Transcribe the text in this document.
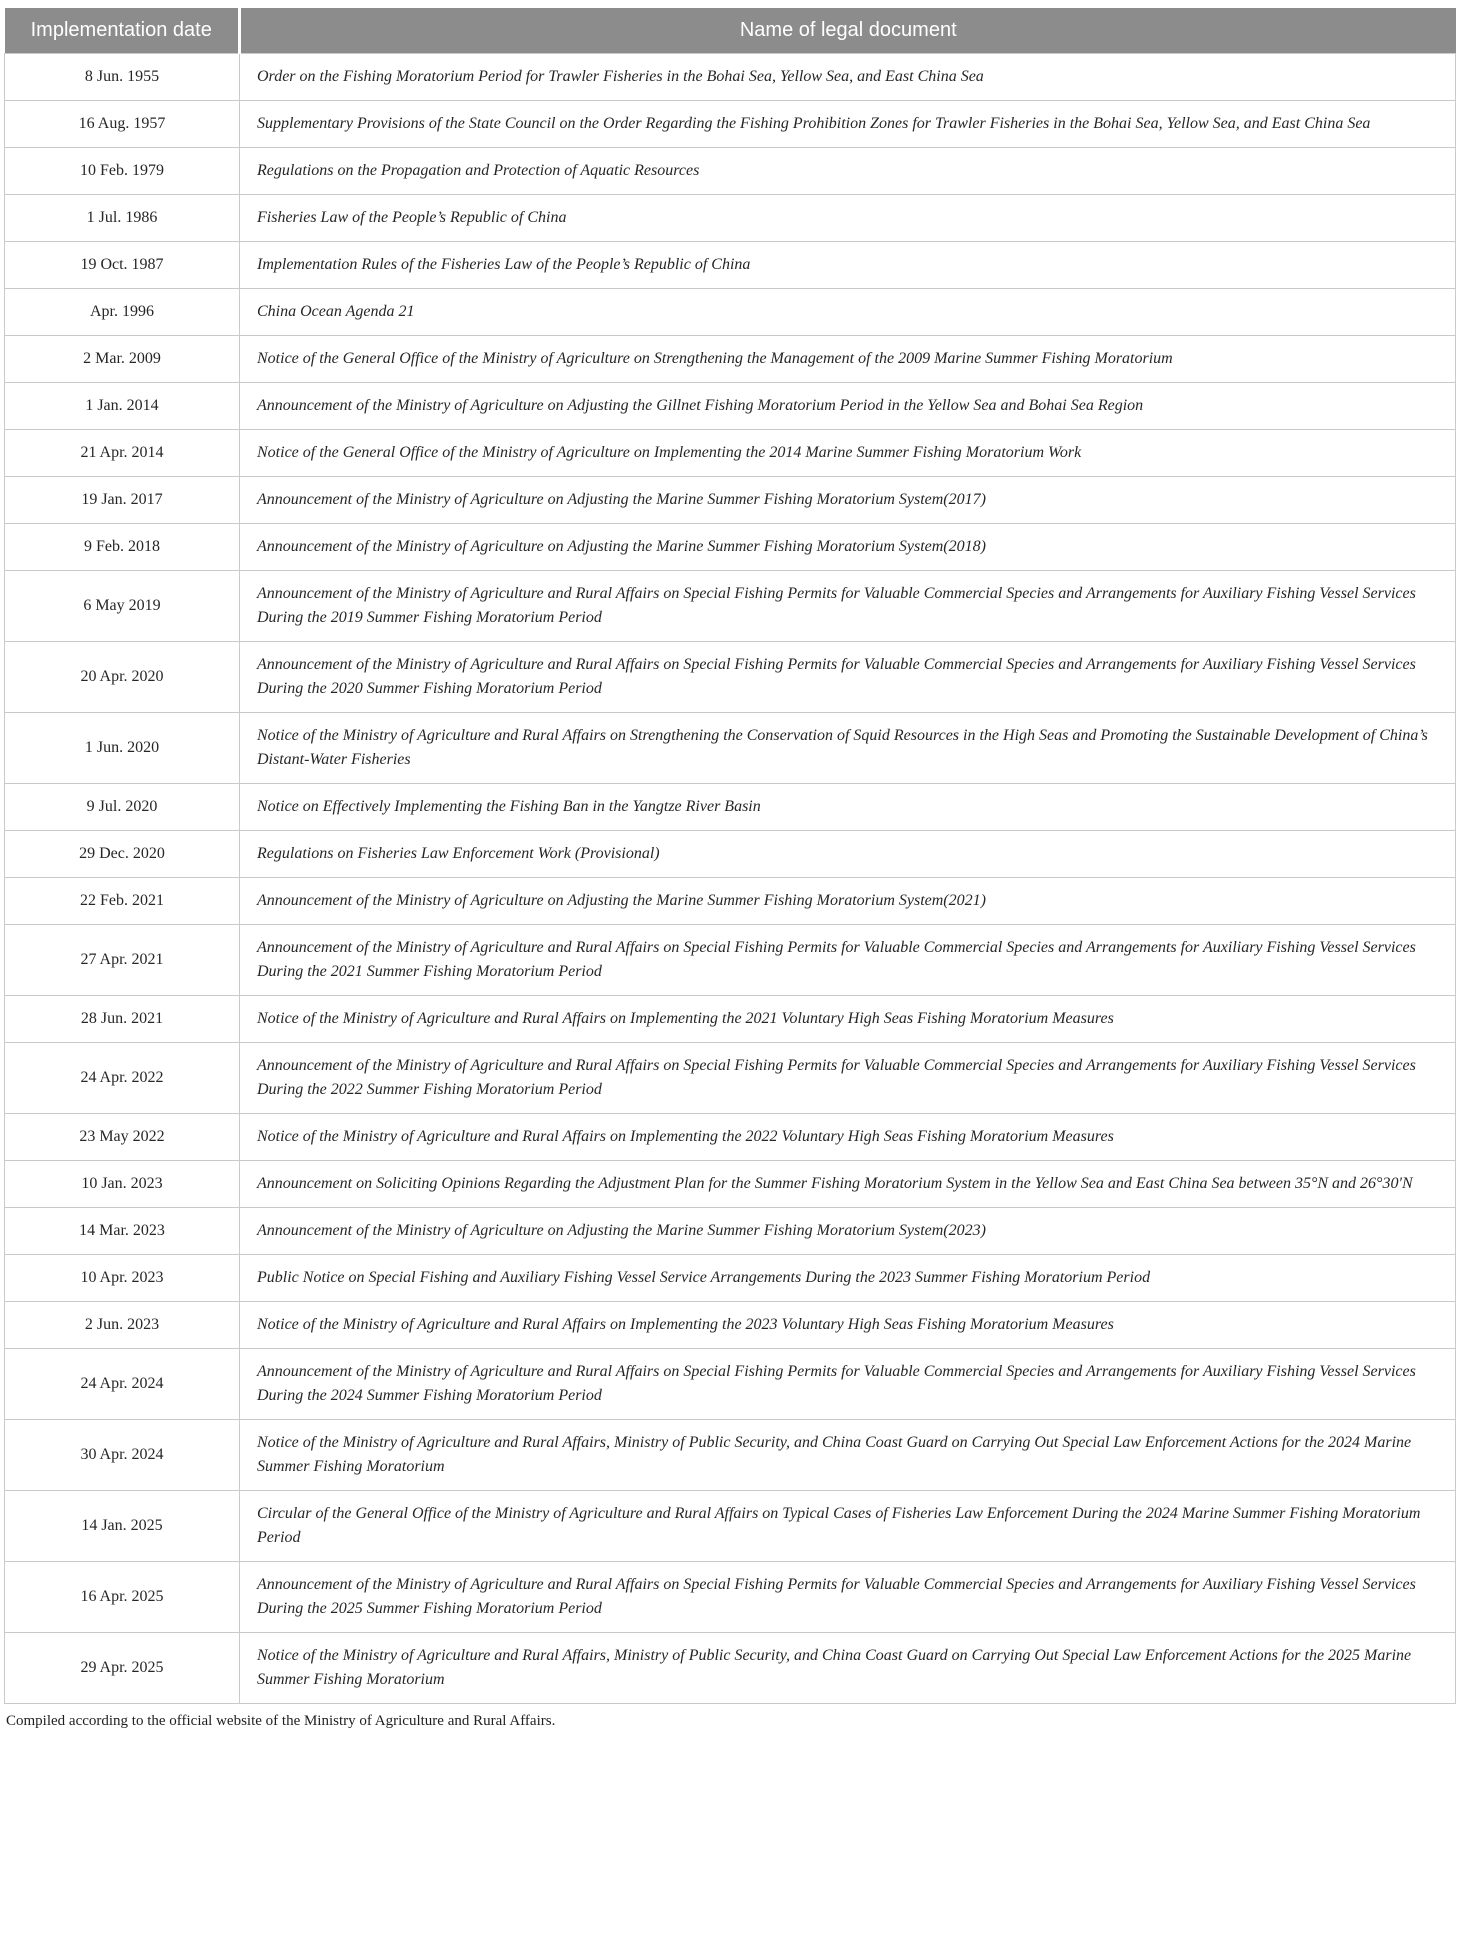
Implementation date	Name of legal document
8 Jun. 1955	Order on the Fishing Moratorium Period for Trawler Fisheries in the Bohai Sea, Yellow Sea, and East China Sea
16 Aug. 1957	Supplementary Provisions of the State Council on the Order Regarding the Fishing Prohibition Zones for Trawler Fisheries in the Bohai Sea, Yellow Sea, and East China Sea
10 Feb. 1979	Regulations on the Propagation and Protection of Aquatic Resources
1 Jul. 1986	Fisheries Law of the People’s Republic of China
19 Oct. 1987	Implementation Rules of the Fisheries Law of the People’s Republic of China
Apr. 1996	China Ocean Agenda 21
2 Mar. 2009	Notice of the General Office of the Ministry of Agriculture on Strengthening the Management of the 2009 Marine Summer Fishing Moratorium
1 Jan. 2014	Announcement of the Ministry of Agriculture on Adjusting the Gillnet Fishing Moratorium Period in the Yellow Sea and Bohai Sea Region
21 Apr. 2014	Notice of the General Office of the Ministry of Agriculture on Implementing the 2014 Marine Summer Fishing Moratorium Work
19 Jan. 2017	Announcement of the Ministry of Agriculture on Adjusting the Marine Summer Fishing Moratorium System(2017)
9 Feb. 2018	Announcement of the Ministry of Agriculture on Adjusting the Marine Summer Fishing Moratorium System(2018)
6 May 2019	Announcement of the Ministry of Agriculture and Rural Affairs on Special Fishing Permits for Valuable Commercial Species and Arrangements for Auxiliary Fishing Vessel Services During the 2019 Summer Fishing Moratorium Period
20 Apr. 2020	Announcement of the Ministry of Agriculture and Rural Affairs on Special Fishing Permits for Valuable Commercial Species and Arrangements for Auxiliary Fishing Vessel Services During the 2020 Summer Fishing Moratorium Period
1 Jun. 2020	Notice of the Ministry of Agriculture and Rural Affairs on Strengthening the Conservation of Squid Resources in the High Seas and Promoting the Sustainable Development of China’s Distant-Water Fisheries
9 Jul. 2020	Notice on Effectively Implementing the Fishing Ban in the Yangtze River Basin
29 Dec. 2020	Regulations on Fisheries Law Enforcement Work (Provisional)
22 Feb. 2021	Announcement of the Ministry of Agriculture on Adjusting the Marine Summer Fishing Moratorium System(2021)
27 Apr. 2021	Announcement of the Ministry of Agriculture and Rural Affairs on Special Fishing Permits for Valuable Commercial Species and Arrangements for Auxiliary Fishing Vessel Services During the 2021 Summer Fishing Moratorium Period
28 Jun. 2021	Notice of the Ministry of Agriculture and Rural Affairs on Implementing the 2021 Voluntary High Seas Fishing Moratorium Measures
24 Apr. 2022	Announcement of the Ministry of Agriculture and Rural Affairs on Special Fishing Permits for Valuable Commercial Species and Arrangements for Auxiliary Fishing Vessel Services During the 2022 Summer Fishing Moratorium Period
23 May 2022	Notice of the Ministry of Agriculture and Rural Affairs on Implementing the 2022 Voluntary High Seas Fishing Moratorium Measures
10 Jan. 2023	Announcement on Soliciting Opinions Regarding the Adjustment Plan for the Summer Fishing Moratorium System in the Yellow Sea and East China Sea between 35°N and 26°30′N
14 Mar. 2023	Announcement of the Ministry of Agriculture on Adjusting the Marine Summer Fishing Moratorium System(2023)
10 Apr. 2023	Public Notice on Special Fishing and Auxiliary Fishing Vessel Service Arrangements During the 2023 Summer Fishing Moratorium Period
2 Jun. 2023	Notice of the Ministry of Agriculture and Rural Affairs on Implementing the 2023 Voluntary High Seas Fishing Moratorium Measures
24 Apr. 2024	Announcement of the Ministry of Agriculture and Rural Affairs on Special Fishing Permits for Valuable Commercial Species and Arrangements for Auxiliary Fishing Vessel Services During the 2024 Summer Fishing Moratorium Period
30 Apr. 2024	Notice of the Ministry of Agriculture and Rural Affairs, Ministry of Public Security, and China Coast Guard on Carrying Out Special Law Enforcement Actions for the 2024 Marine Summer Fishing Moratorium
14 Jan. 2025	Circular of the General Office of the Ministry of Agriculture and Rural Affairs on Typical Cases of Fisheries Law Enforcement During the 2024 Marine Summer Fishing Moratorium Period
16 Apr. 2025	Announcement of the Ministry of Agriculture and Rural Affairs on Special Fishing Permits for Valuable Commercial Species and Arrangements for Auxiliary Fishing Vessel Services During the 2025 Summer Fishing Moratorium Period
29 Apr. 2025	Notice of the Ministry of Agriculture and Rural Affairs, Ministry of Public Security, and China Coast Guard on Carrying Out Special Law Enforcement Actions for the 2025 Marine Summer Fishing Moratorium
Compiled according to the official website of the Ministry of Agriculture and Rural Affairs.
